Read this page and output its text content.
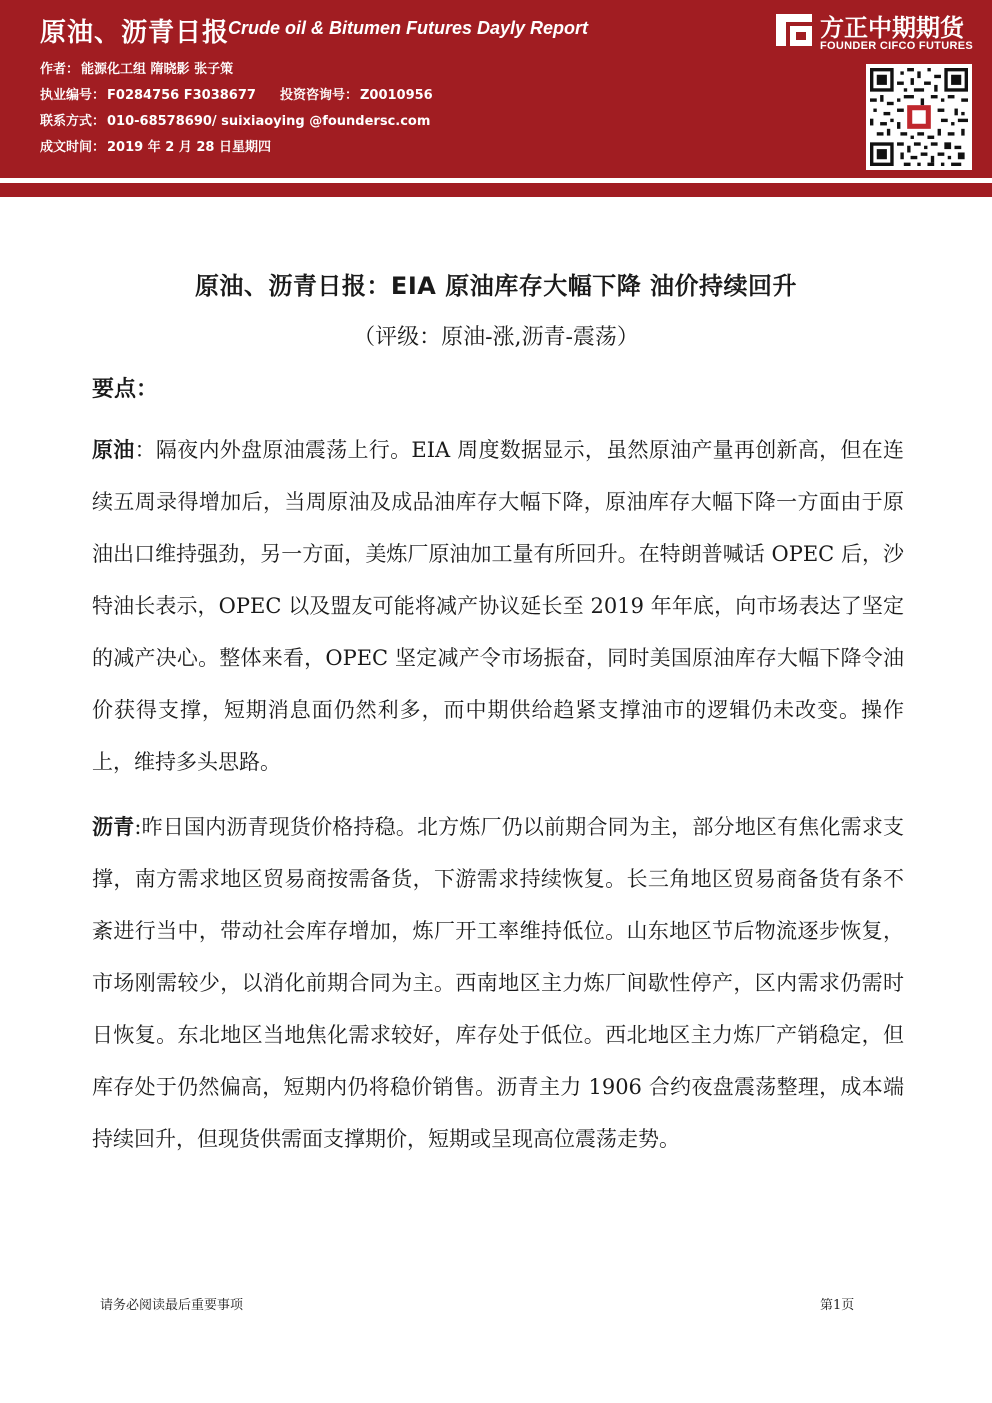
原油、沥青日报
Crude oil & Bitumen Futures Dayly Report
作者： 能源化工组 隋晓影 张子策
执业编号： F0284756 F3038677 投资咨询号： Z0010956
联系方式： 010-68578690/ suixiaoying @foundersc.com
成文时间： 2019 年 2 月 28 日星期四
方正中期期货
FOUNDER CIFCO FUTURES
原油、沥青日报：EIA 原油库存大幅下降 油价持续回升
（评级：原油-涨,沥青-震荡）
要点：
原油：隔夜内外盘原油震荡上行。EIA 周度数据显示，虽然原油产量再创新高，但在连续五周录得增加后，当周原油及成品油库存大幅下降，原油库存大幅下降一方面由于原油出口维持强劲，另一方面，美炼厂原油加工量有所回升。在特朗普喊话 OPEC 后，沙特油长表示，OPEC 以及盟友可能将减产协议延长至 2019 年年底，向市场表达了坚定的减产决心。整体来看，OPEC 坚定减产令市场振奋，同时美国原油库存大幅下降令油价获得支撑，短期消息面仍然利多，而中期供给趋紧支撑油市的逻辑仍未改变。操作上，维持多头思路。
沥青:昨日国内沥青现货价格持稳。北方炼厂仍以前期合同为主，部分地区有焦化需求支撑，南方需求地区贸易商按需备货，下游需求持续恢复。长三角地区贸易商备货有条不紊进行当中，带动社会库存增加，炼厂开工率维持低位。山东地区节后物流逐步恢复，市场刚需较少，以消化前期合同为主。西南地区主力炼厂间歇性停产，区内需求仍需时日恢复。东北地区当地焦化需求较好，库存处于低位。西北地区主力炼厂产销稳定，但库存处于仍然偏高，短期内仍将稳价销售。沥青主力 1906 合约夜盘震荡整理，成本端持续回升，但现货供需面支撑期价，短期或呈现高位震荡走势。
请务必阅读最后重要事项	第1页
